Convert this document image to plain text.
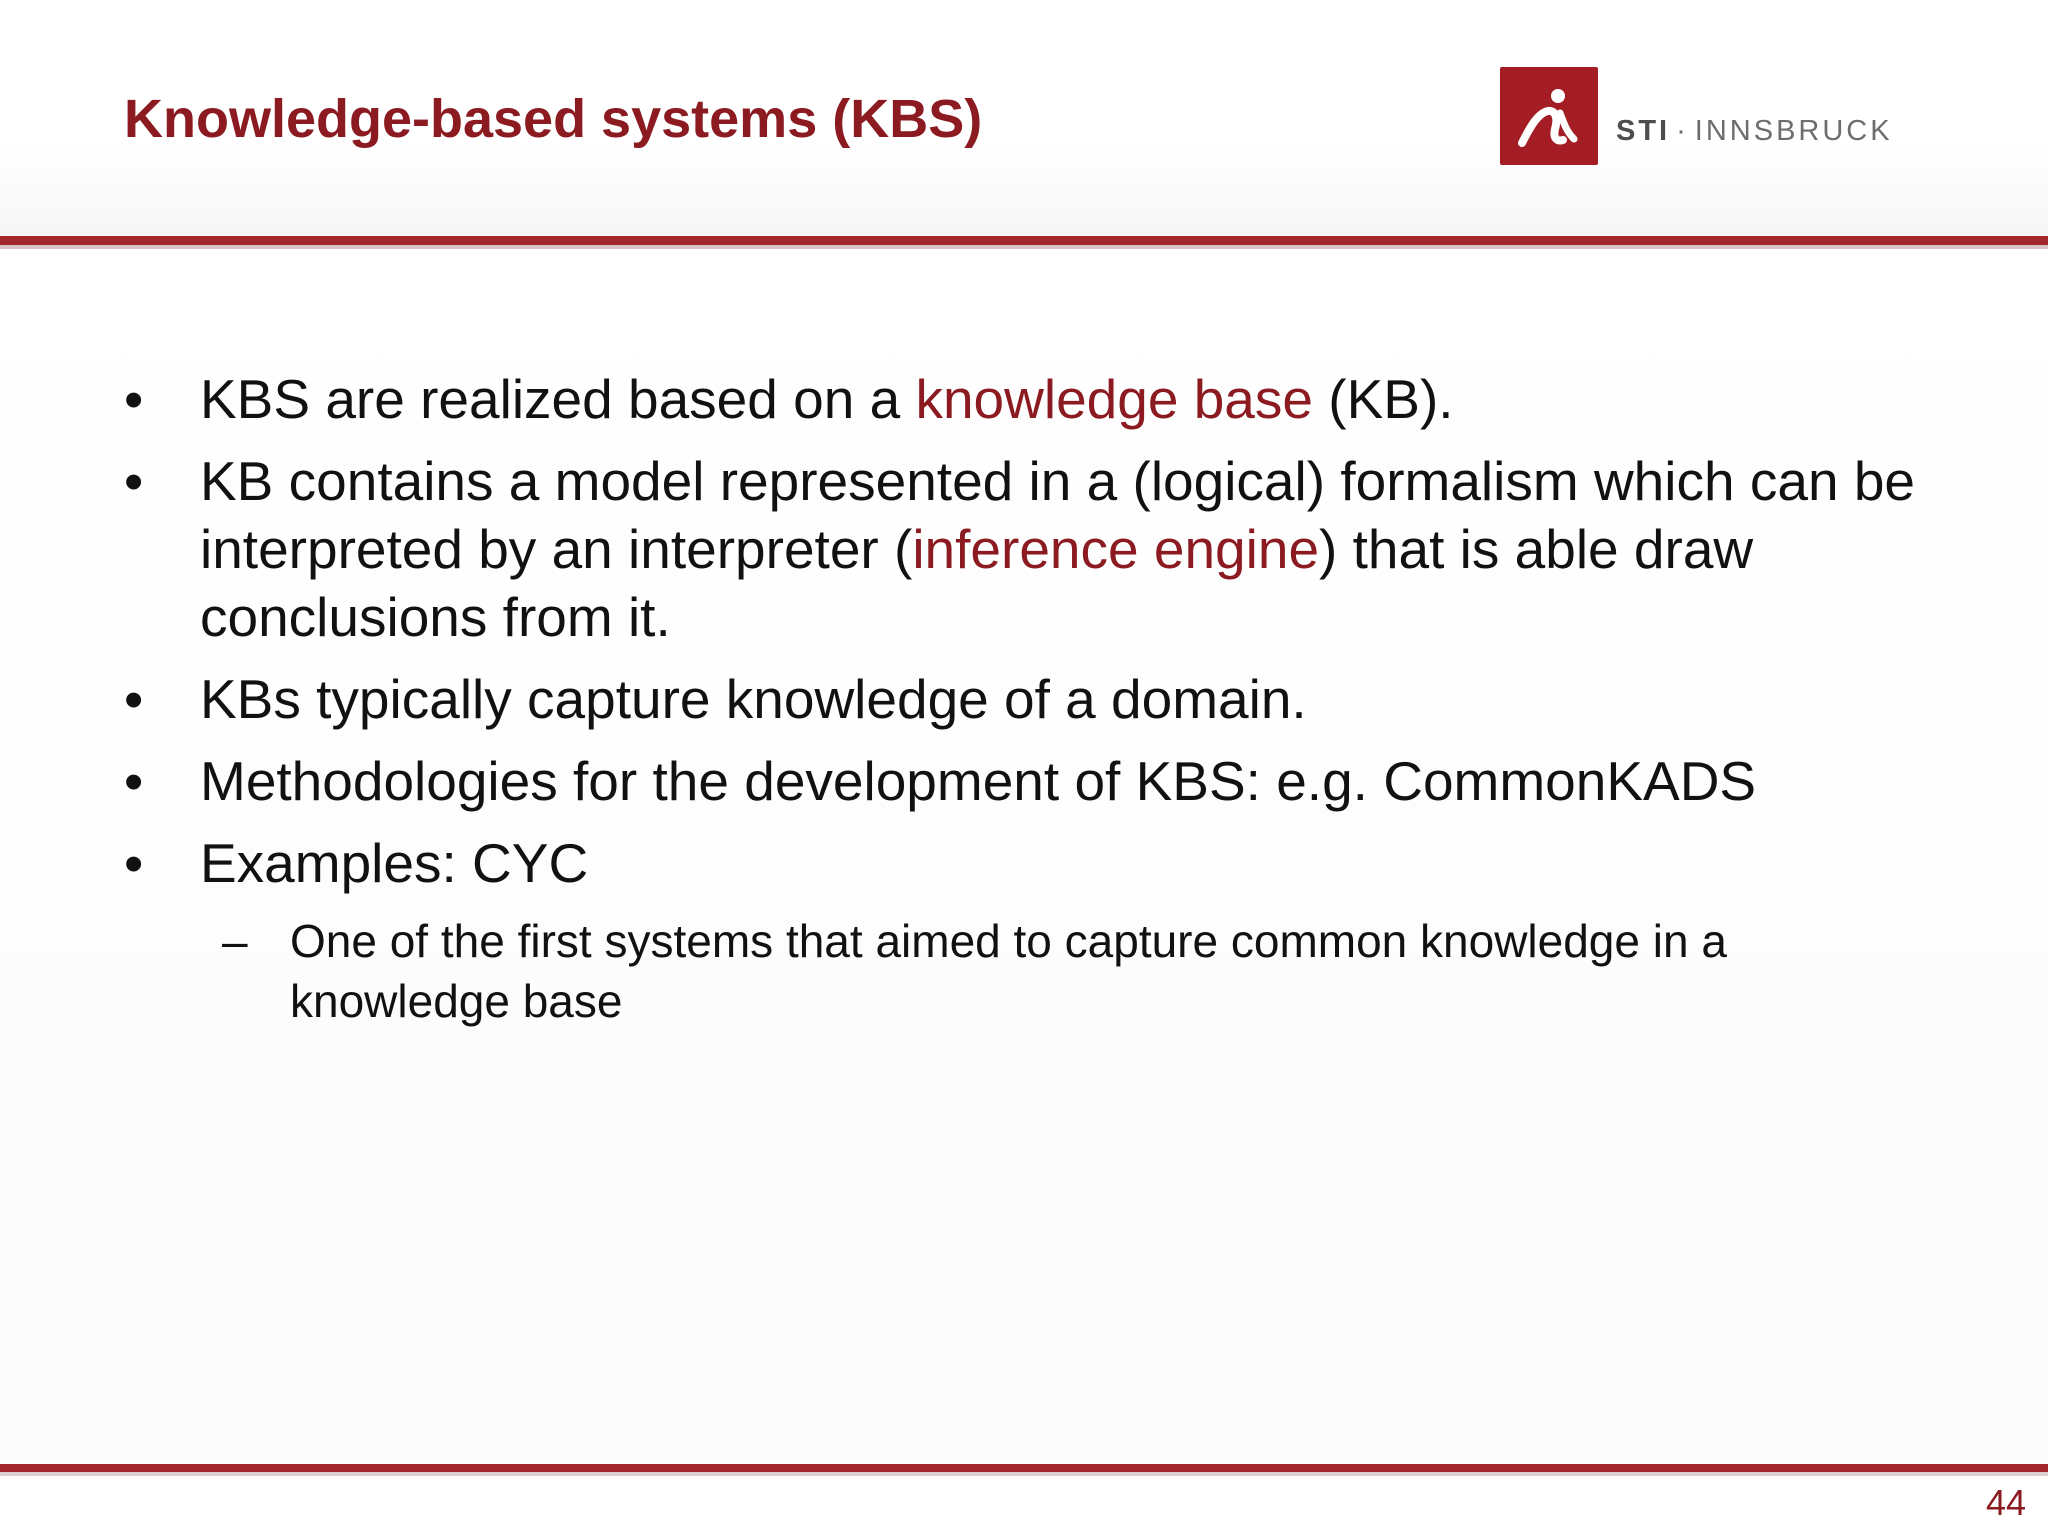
Knowledge-based systems (KBS)	STI · INNSBRUCK
• KBS are realized based on a knowledge base (KB).
• KB contains a model represented in a (logical) formalism which can be interpreted by an interpreter (inference engine) that is able draw conclusions from it.
• KBs typically capture knowledge of a domain.
• Methodologies for the development of KBS: e.g. CommonKADS
• Examples: CYC
– One of the first systems that aimed to capture common knowledge in a knowledge base
44
